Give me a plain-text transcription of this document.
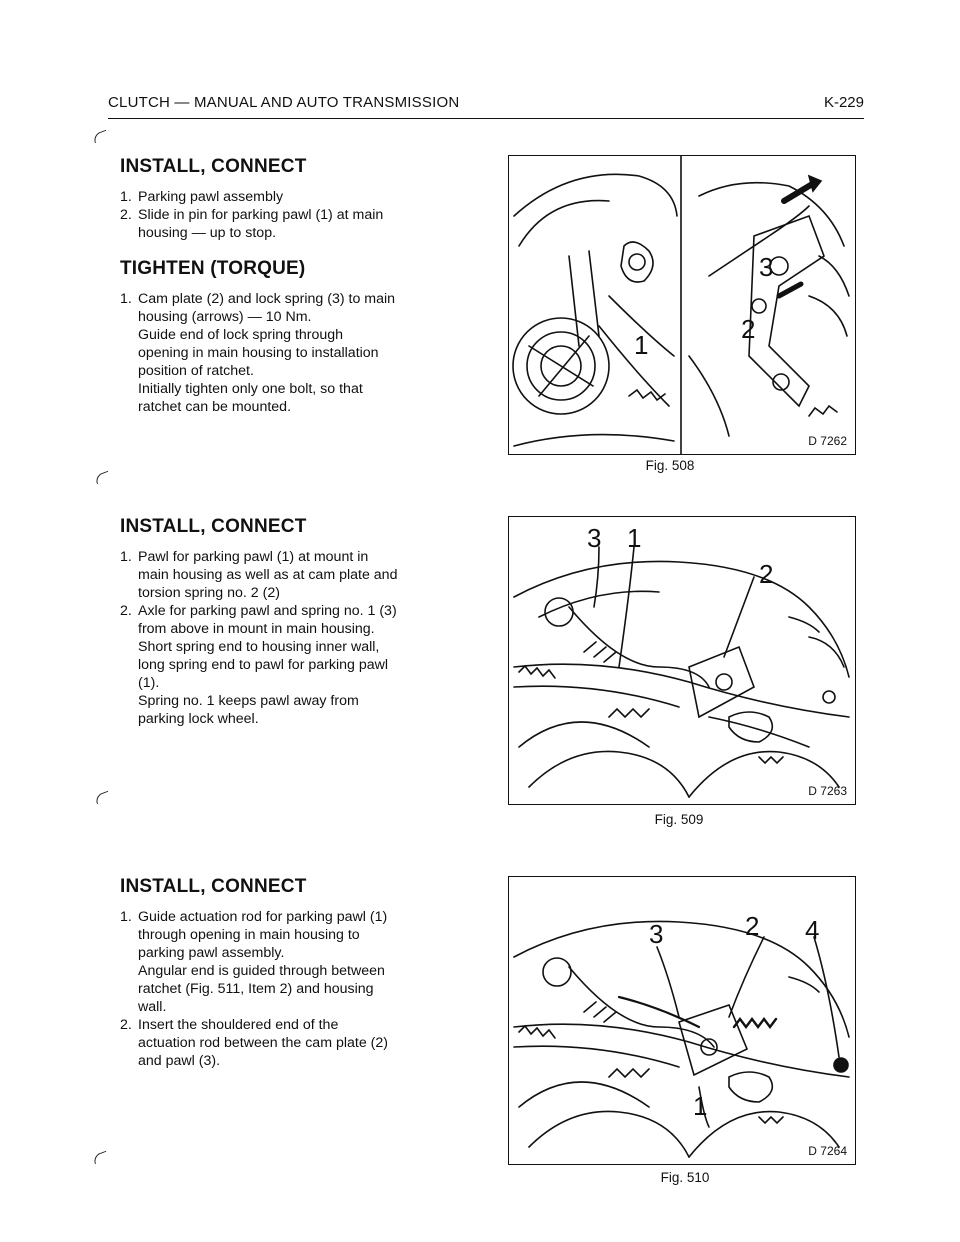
CLUTCH — MANUAL AND AUTO TRANSMISSION	K-229
INSTALL, CONNECT
1. Parking pawl assembly
2. Slide in pin for parking pawl (1) at main
housing — up to stop.
TIGHTEN (TORQUE)
1. Cam plate (2) and lock spring (3) to main
housing (arrows) — 10 Nm.
Guide end of lock spring through
opening in main housing to installation
position of ratchet.
Initially tighten only one bolt, so that
ratchet can be mounted.
INSTALL, CONNECT
1. Pawl for parking pawl (1) at mount in
main housing as well as at cam plate and
torsion spring no. 2 (2)
2. Axle for parking pawl and spring no. 1 (3)
from above in mount in main housing.
Short spring end to housing inner wall,
long spring end to pawl for parking pawl
(1).
Spring no. 1 keeps pawl away from
parking lock wheel.
INSTALL, CONNECT
1. Guide actuation rod for parking pawl (1)
through opening in main housing to
parking pawl assembly.
Angular end is guided through between
ratchet (Fig. 511, Item 2) and housing
wall.
2. Insert the shouldered end of the
actuation rod between the cam plate (2)
and pawl (3).
3
1
2
D 7262
Fig. 508
3 1
2
D 7263
Fig. 509
2 4
3
1
D 7264
Fig. 510
